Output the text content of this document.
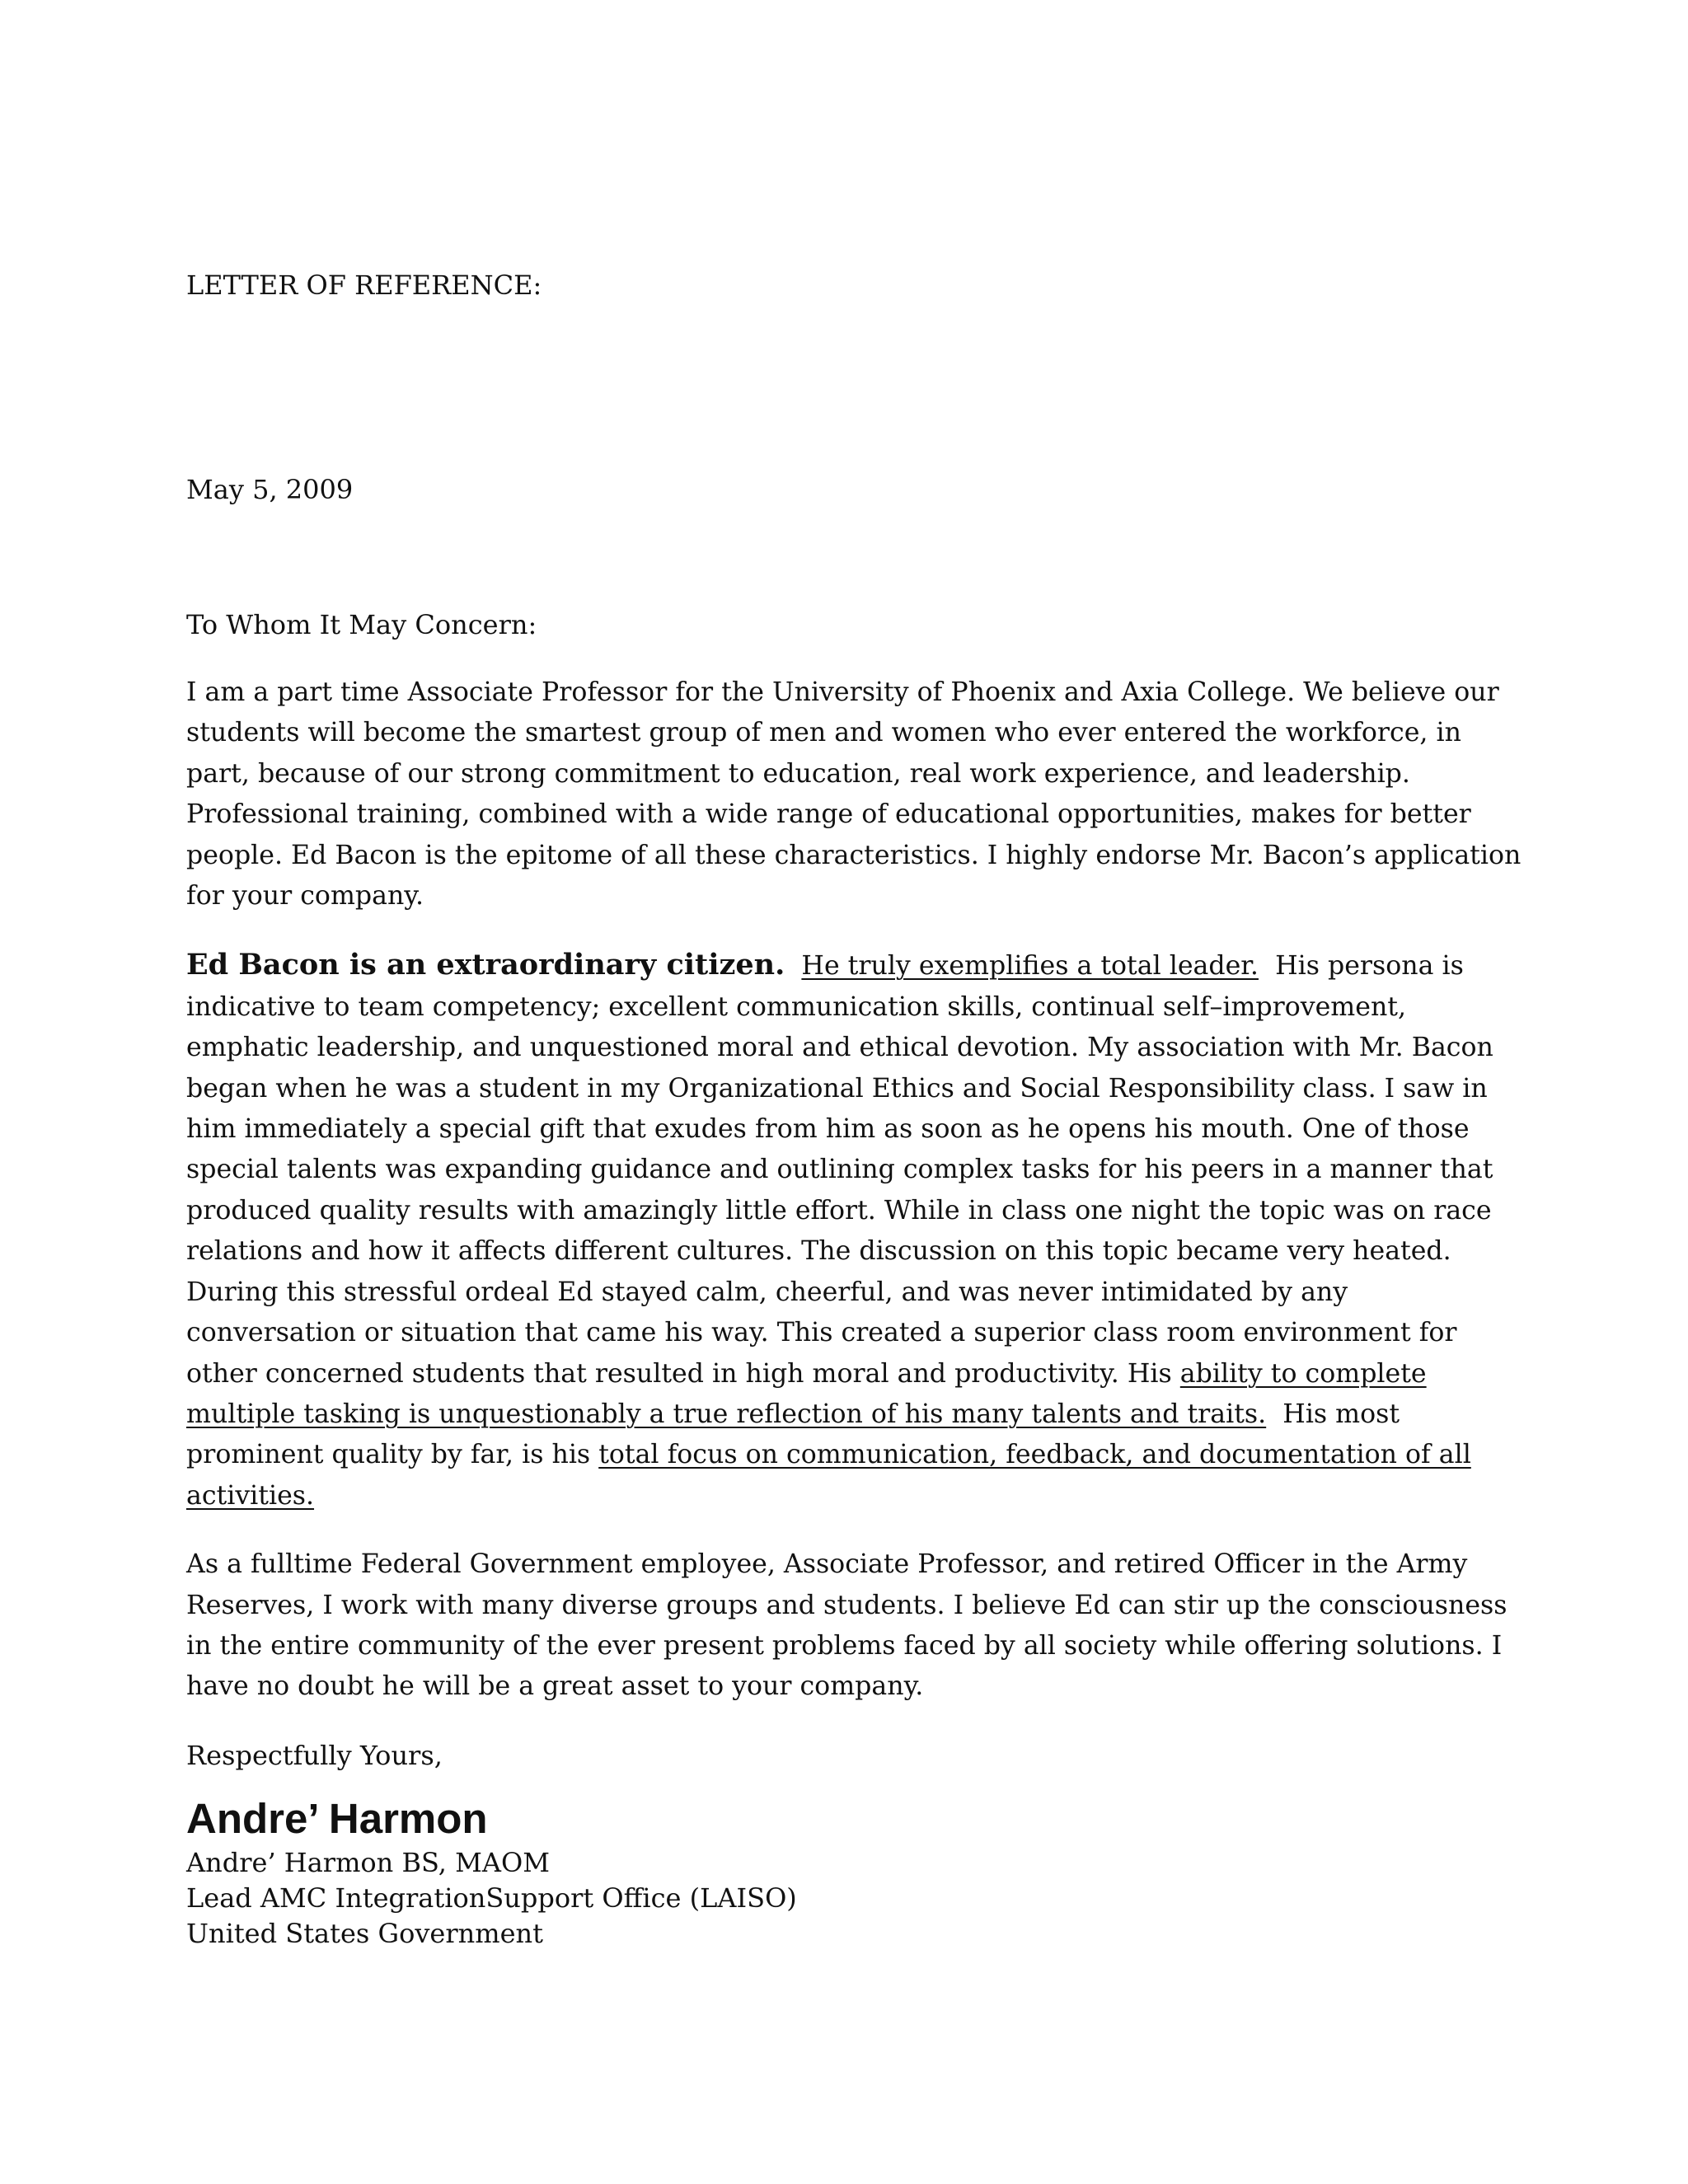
LETTER OF REFERENCE:
May 5, 2009
To Whom It May Concern:

I am a part time Associate Professor for the University of Phoenix and Axia College. We believe our students will become the smartest group of men and women who ever entered the workforce, in part, because of our strong commitment to education, real work experience, and leadership. Professional training, combined with a wide range of educational opportunities, makes for better people. Ed Bacon is the epitome of all these characteristics. I highly endorse Mr. Bacon’s application for your company.

Ed Bacon is an extraordinary citizen. He truly exemplifies a total leader. His persona is indicative to team competency; excellent communication skills, continual self–improvement, emphatic leadership, and unquestioned moral and ethical devotion. My association with Mr. Bacon began when he was a student in my Organizational Ethics and Social Responsibility class. I saw in him immediately a special gift that exudes from him as soon as he opens his mouth. One of those special talents was expanding guidance and outlining complex tasks for his peers in a manner that produced quality results with amazingly little effort. While in class one night the topic was on race relations and how it affects different cultures. The discussion on this topic became very heated. During this stressful ordeal Ed stayed calm, cheerful, and was never intimidated by any conversation or situation that came his way. This created a superior class room environment for other concerned students that resulted in high moral and productivity. His ability to complete multiple tasking is unquestionably a true reflection of his many talents and traits. His most prominent quality by far, is his total focus on communication, feedback, and documentation of all activities.

As a fulltime Federal Government employee, Associate Professor, and retired Officer in the Army Reserves, I work with many diverse groups and students. I believe Ed can stir up the consciousness in the entire community of the ever present problems faced by all society while offering solutions. I have no doubt he will be a great asset to your company.

Respectfully Yours,
Andre’ Harmon
Andre’ Harmon BS, MAOM
Lead AMC IntegrationSupport Office (LAISO)
United States Government
